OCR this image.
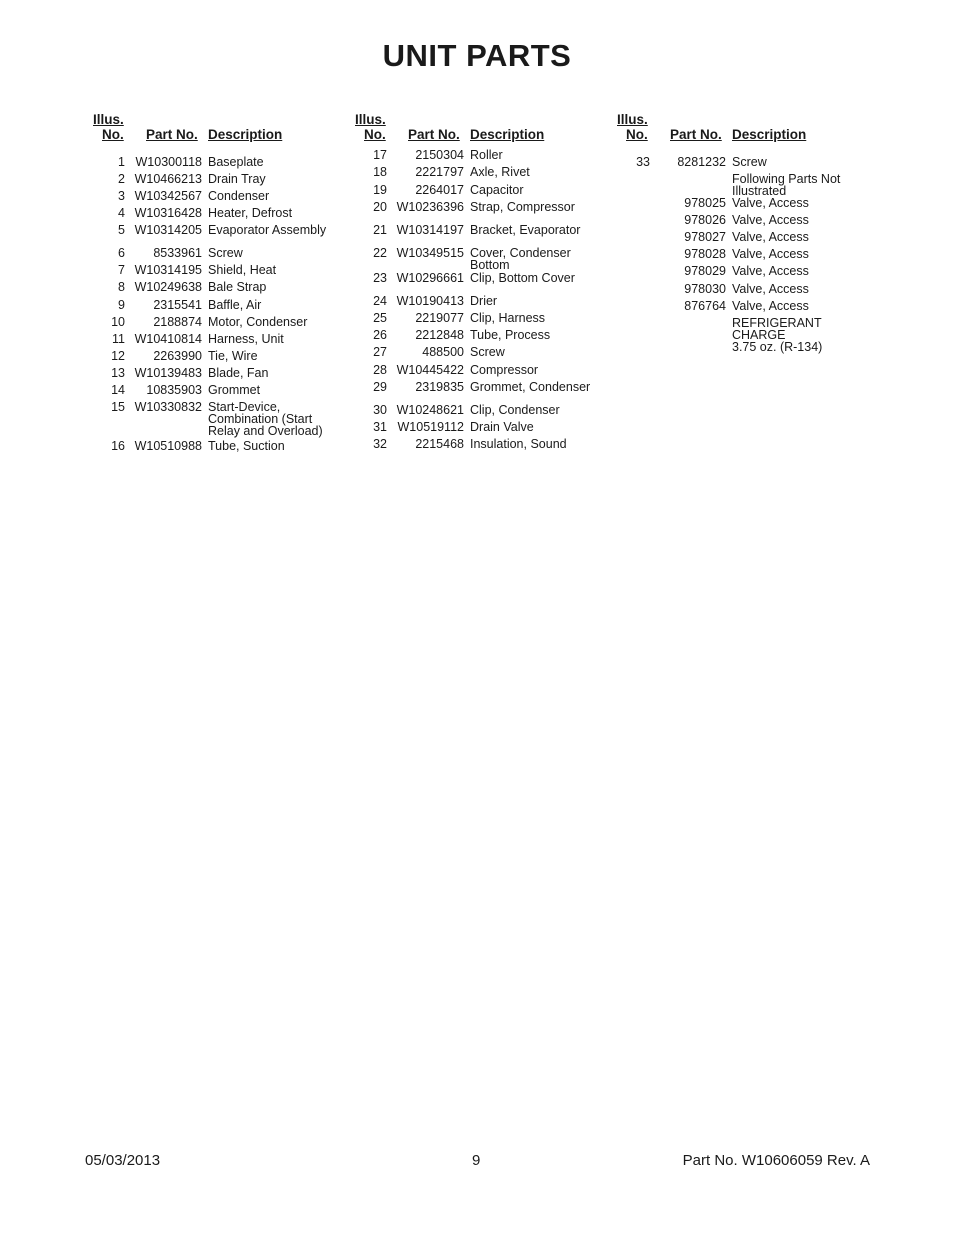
UNIT PARTS
Illus.
No. Part No. Description
1 W10300118 Baseplate
2 W10466213 Drain Tray
3 W10342567 Condenser
4 W10316428 Heater, Defrost
5 W10314205 Evaporator Assembly
6	8533961 Screw
7 W10314195 Shield, Heat
8 W10249638 Bale Strap
9	2315541 Baffle, Air
10	2188874 Motor, Condenser
11 W10410814 Harness, Unit
12	2263990 Tie, Wire
13 W10139483 Blade, Fan
14	10835903 Grommet
15 W10330832 Start-Device,
Combination (Start
Relay and Overload)
16 W10510988 Tube, Suction
Illus.
No. Part No. Description
17	2150304 Roller
18	2221797 Axle, Rivet
19	2264017 Capacitor
20 W10236396 Strap, Compressor
21 W10314197 Bracket, Evaporator
22 W10349515 Cover, Condenser
Bottom
23 W10296661 Clip, Bottom Cover
24 W10190413 Drier
25	2219077 Clip, Harness
26	2212848 Tube, Process
27	488500 Screw
28 W10445422 Compressor
29	2319835 Grommet, Condenser
30 W10248621 Clip, Condenser
31 W10519112 Drain Valve
32	2215468 Insulation, Sound
Illus.
No. Part No. Description
33	8281232 Screw
Following Parts Not
Illustrated
978025 Valve, Access
978026 Valve, Access
978027 Valve, Access
978028 Valve, Access
978029 Valve, Access
978030 Valve, Access
876764 Valve, Access
REFRIGERANT
CHARGE
3.75 oz. (R-134)
05/03/2013	9	Part No. W10606059 Rev. A
